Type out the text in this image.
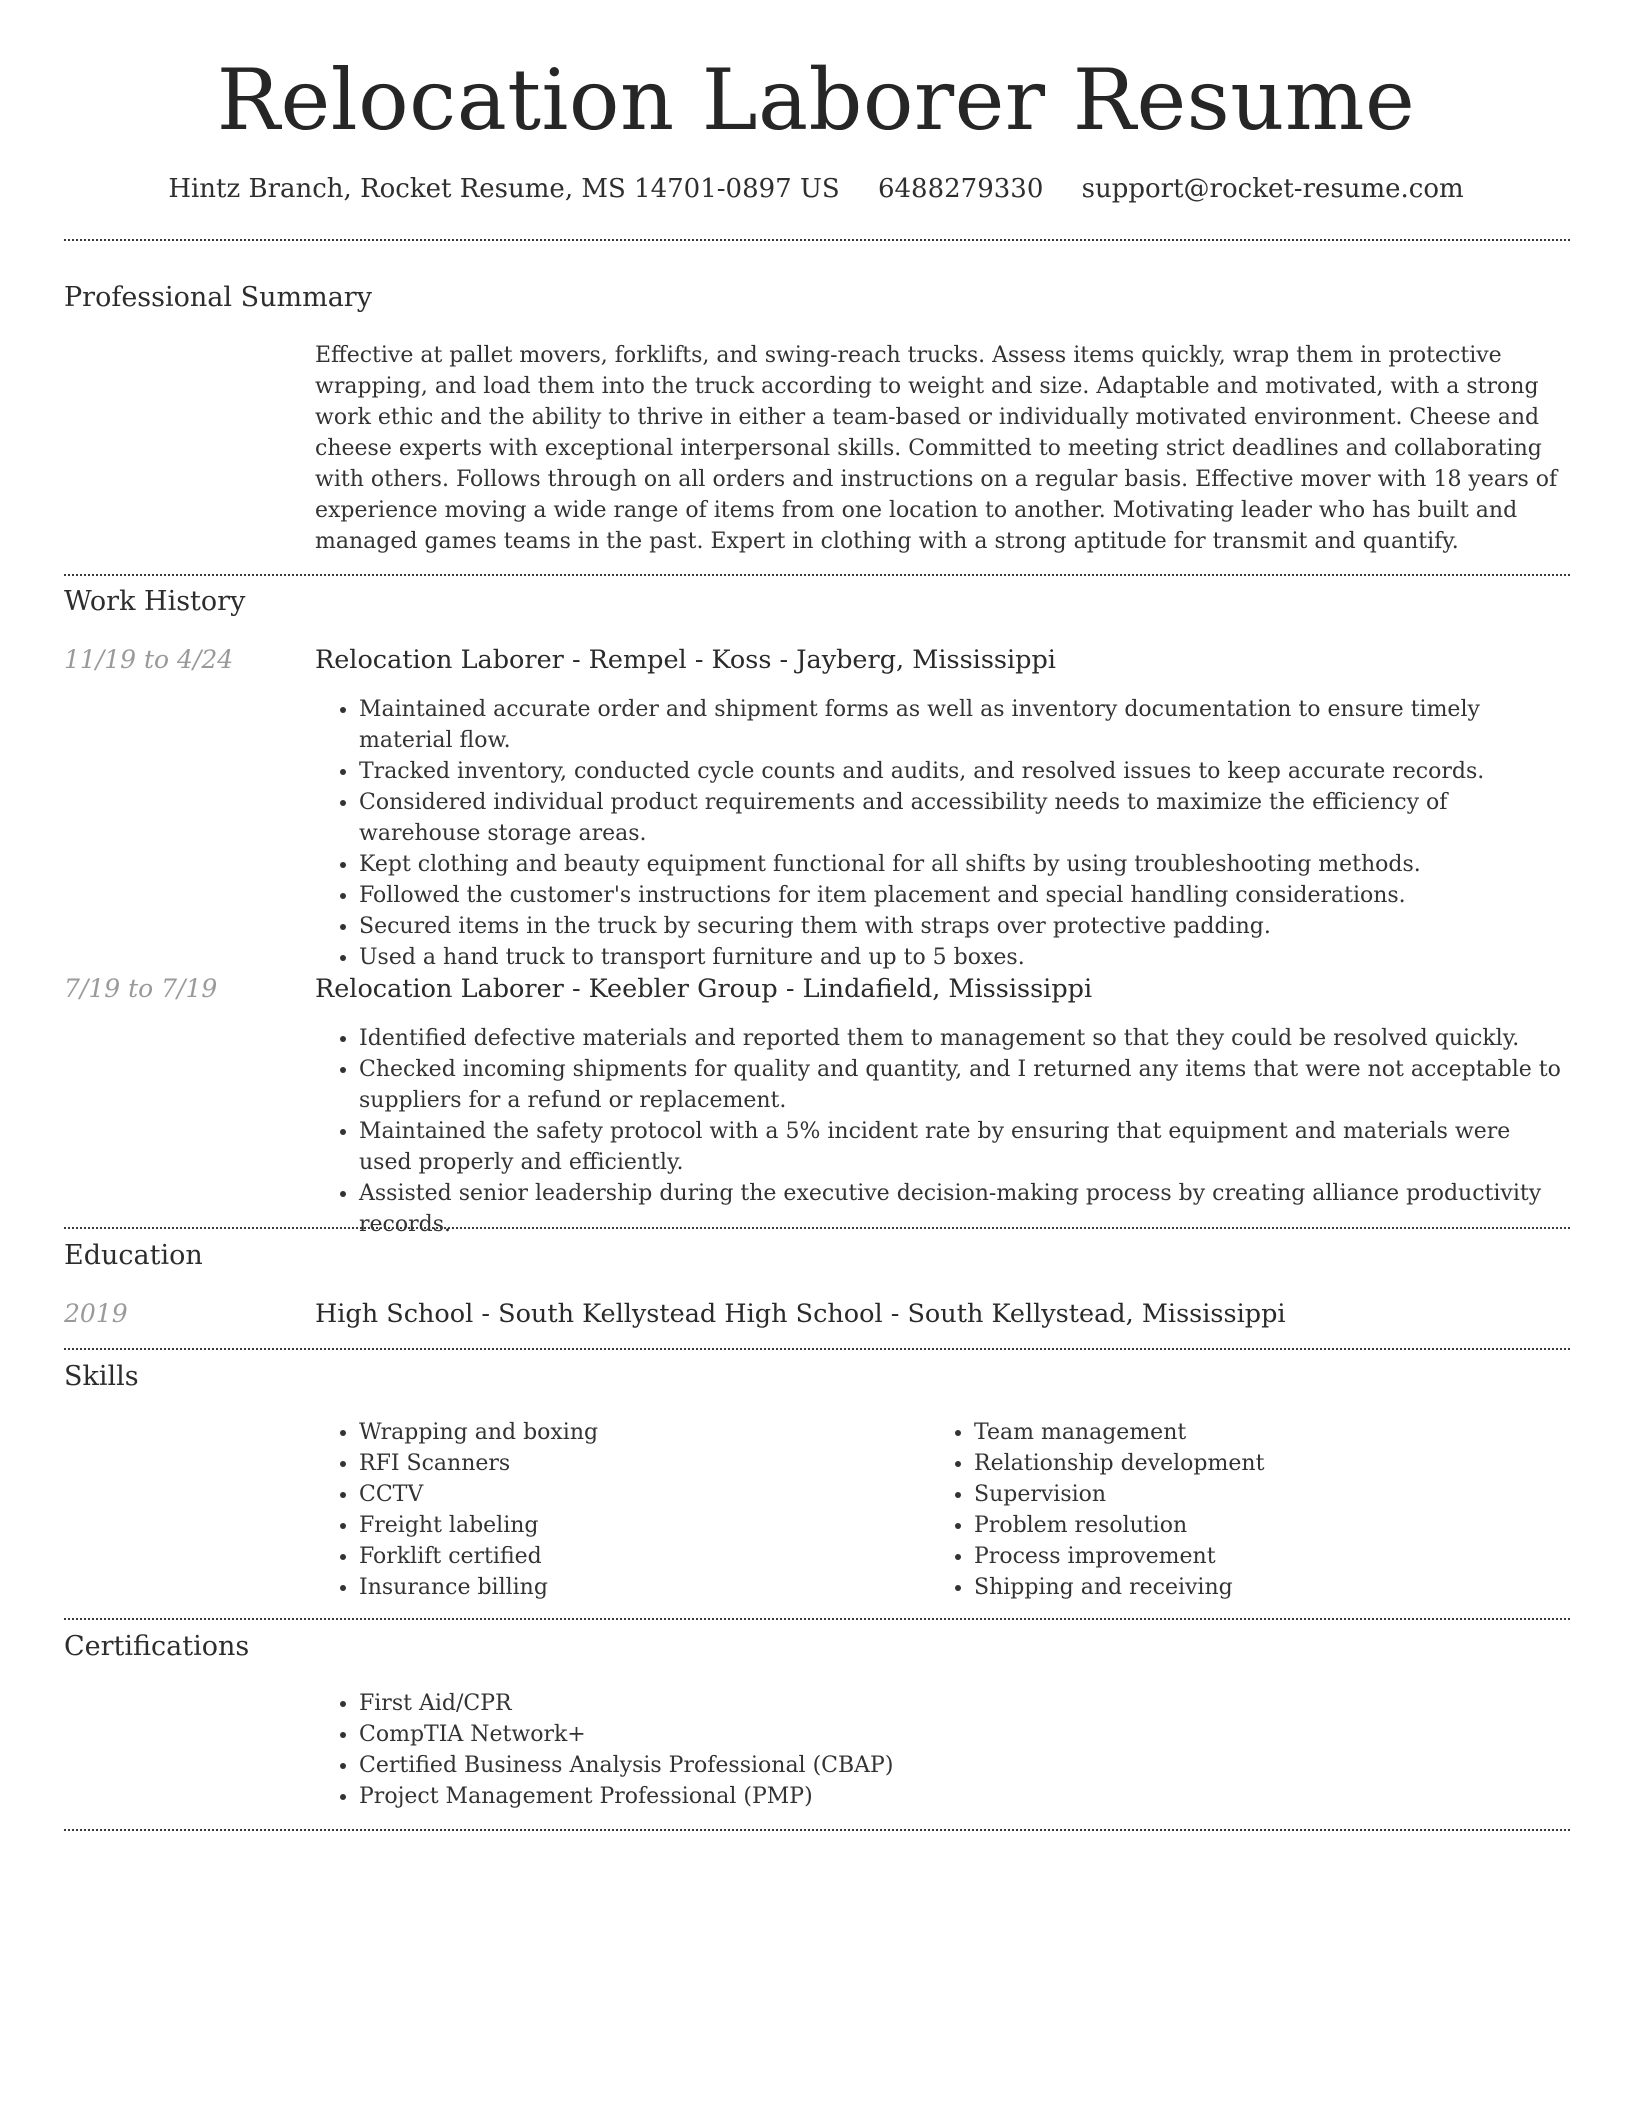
Relocation Laborer Resume
Hintz Branch, Rocket Resume, MS 14701-0897 US 6488279330 support@rocket-resume.com
Professional Summary

Effective at pallet movers, forklifts, and swing-reach trucks. Assess items quickly, wrap them in protective wrapping, and load them into the truck according to weight and size. Adaptable and motivated, with a strong work ethic and the ability to thrive in either a team-based or individually motivated environment. Cheese and cheese experts with exceptional interpersonal skills. Committed to meeting strict deadlines and collaborating with others. Follows through on all orders and instructions on a regular basis. Effective mover with 18 years of experience moving a wide range of items from one location to another. Motivating leader who has built and managed games teams in the past. Expert in clothing with a strong aptitude for transmit and quantify.

Work History
11/19 to 4/24	Relocation Laborer - Rempel - Koss - Jayberg, Mississippi
• Maintained accurate order and shipment forms as well as inventory documentation to ensure timely material flow.
• Tracked inventory, conducted cycle counts and audits, and resolved issues to keep accurate records.
• Considered individual product requirements and accessibility needs to maximize the efficiency of warehouse storage areas.
• Kept clothing and beauty equipment functional for all shifts by using troubleshooting methods.
• Followed the customer's instructions for item placement and special handling considerations.
• Secured items in the truck by securing them with straps over protective padding.
• Used a hand truck to transport furniture and up to 5 boxes.
7/19 to 7/19	Relocation Laborer - Keebler Group - Lindafield, Mississippi
• Identified defective materials and reported them to management so that they could be resolved quickly.
• Checked incoming shipments for quality and quantity, and I returned any items that were not acceptable to suppliers for a refund or replacement.
• Maintained the safety protocol with a 5% incident rate by ensuring that equipment and materials were used properly and efficiently.
• Assisted senior leadership during the executive decision-making process by creating alliance productivity records.
Education
2019	High School - South Kellystead High School - South Kellystead, Mississippi
Skills
• Wrapping and boxing
• RFI Scanners
• CCTV
• Freight labeling
• Forklift certified
• Insurance billing
• Team management
• Relationship development
• Supervision
• Problem resolution
• Process improvement
• Shipping and receiving
Certifications
• First Aid/CPR
• CompTIA Network+
• Certified Business Analysis Professional (CBAP)
• Project Management Professional (PMP)
